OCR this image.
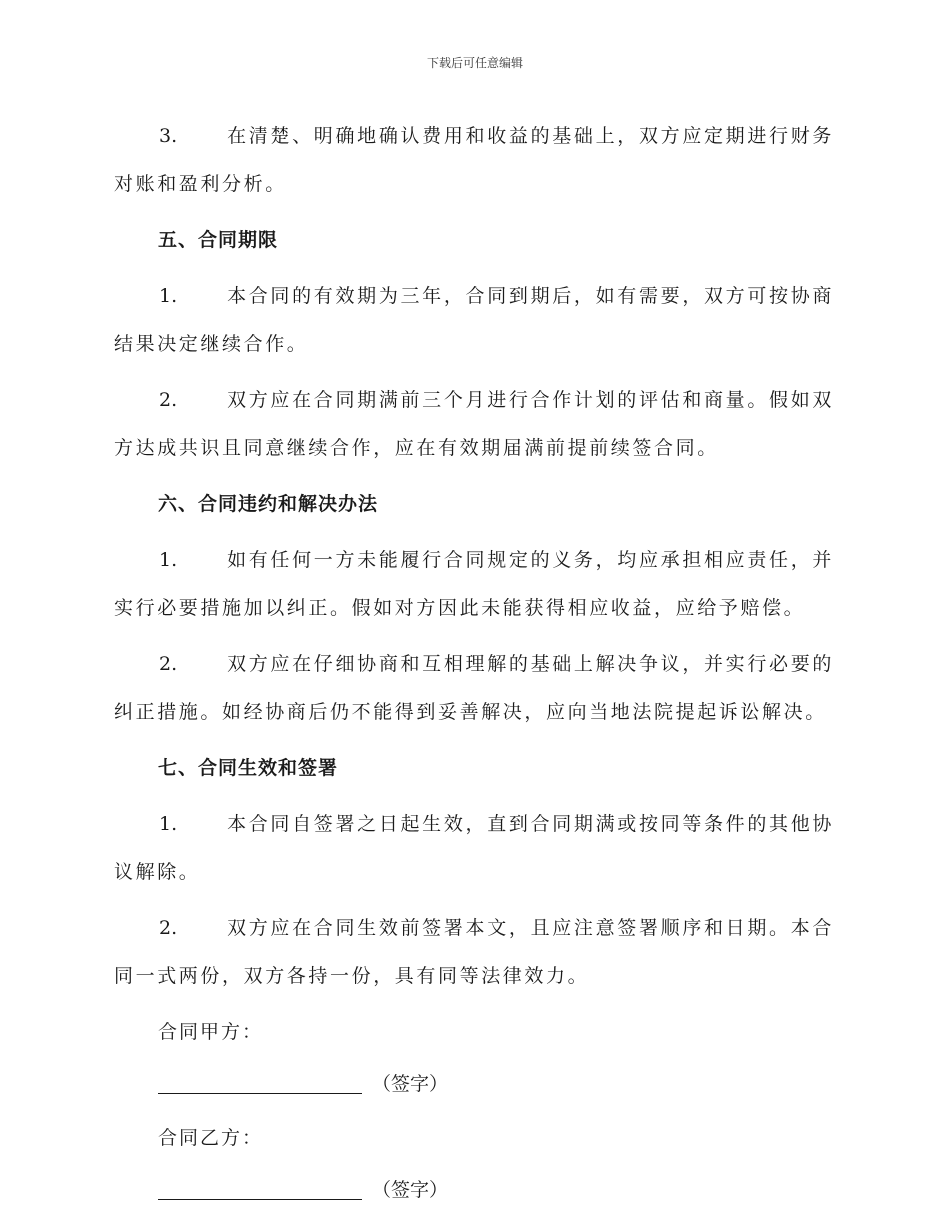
下载后可任意编辑

3.	在清楚、明确地确认费用和收益的基础上，双方应定期进行财务对账和盈利分析。

五、合同期限

1.	本合同的有效期为三年，合同到期后，如有需要，双方可按协商结果决定继续合作。

2.	双方应在合同期满前三个月进行合作计划的评估和商量。假如双方达成共识且同意继续合作，应在有效期届满前提前续签合同。

六、合同违约和解决办法

1.	如有任何一方未能履行合同规定的义务，均应承担相应责任，并实行必要措施加以纠正。假如对方因此未能获得相应收益，应给予赔偿。

2.	双方应在仔细协商和互相理解的基础上解决争议，并实行必要的纠正措施。如经协商后仍不能得到妥善解决，应向当地法院提起诉讼解决。

七、合同生效和签署

1.	本合同自签署之日起生效，直到合同期满或按同等条件的其他协议解除。

2.	双方应在合同生效前签署本文，且应注意签署顺序和日期。本合同一式两份，双方各持一份，具有同等法律效力。

合同甲方：
（签字）
合同乙方：
（签字）
